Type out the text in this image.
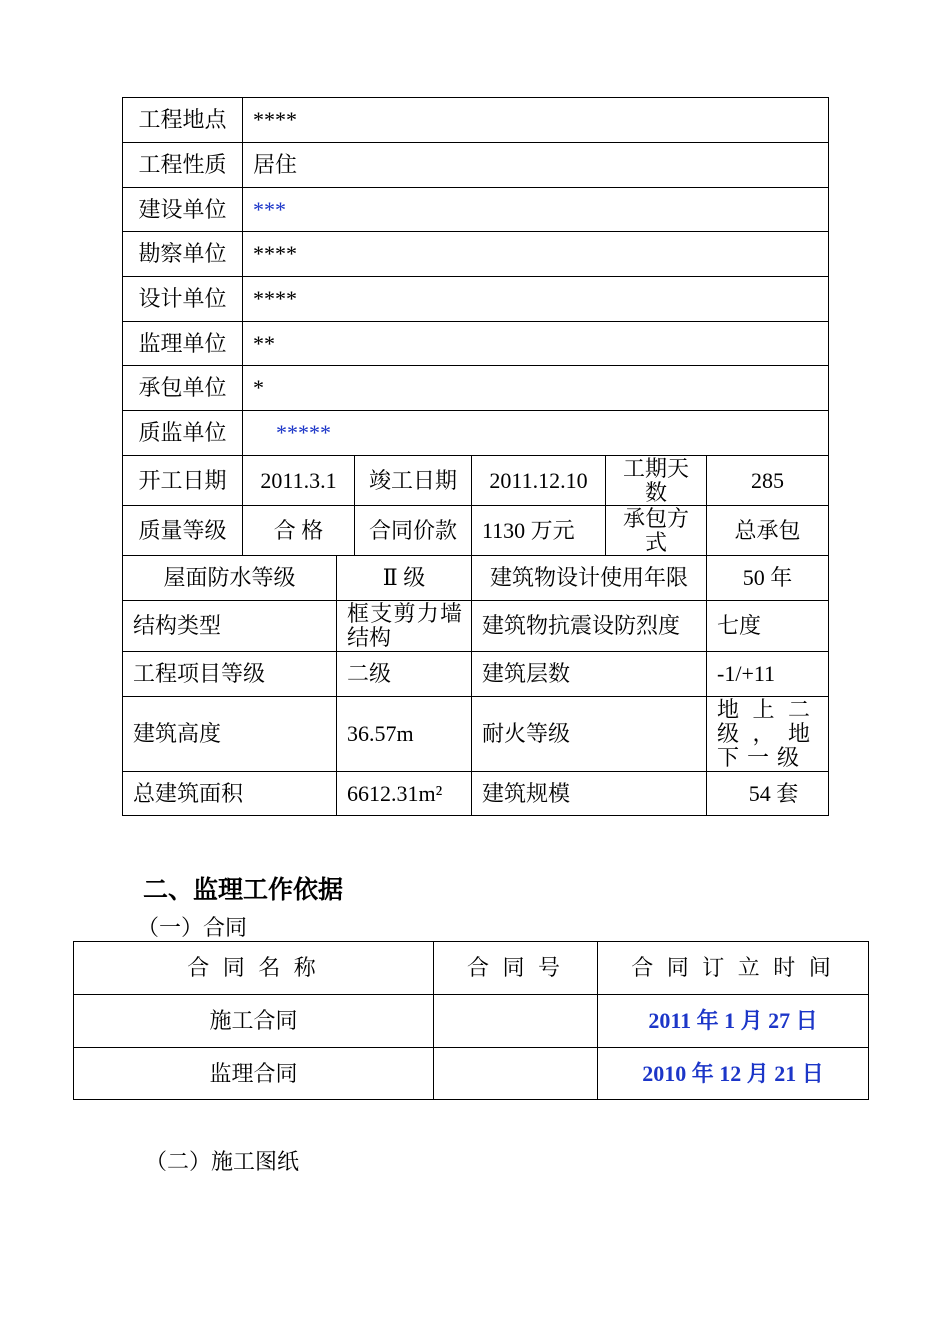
工程地点	****					
工程性质	居住					
建设单位	***					
勘察单位	****					
设计单位	****					
监理单位	**					
承包单位	*					
质监单位	*****					
开工日期	2011.3.1		竣工日期	2011.12.10	工期天数	285
质量等级	合 格		合同价款	1130 万元	承包方式	总承包
屋面防水等级		Ⅱ 级		建筑物设计使用年限		50 年
结构类型		框支剪力墙结构		建筑物抗震设防烈度		七度
工程项目等级		二级		建筑层数		-1/+11
建筑高度		36.57m		耐火等级		地上二级，地下一级
总建筑面积		6612.31m²		建筑规模		54 套
二、监理工作依据
（一）合同
合 同 名 称	合 同 号	合 同 订 立 时 间
施工合同		2011 年 1 月 27 日
监理合同		2010 年 12 月 21 日
（二）施工图纸
